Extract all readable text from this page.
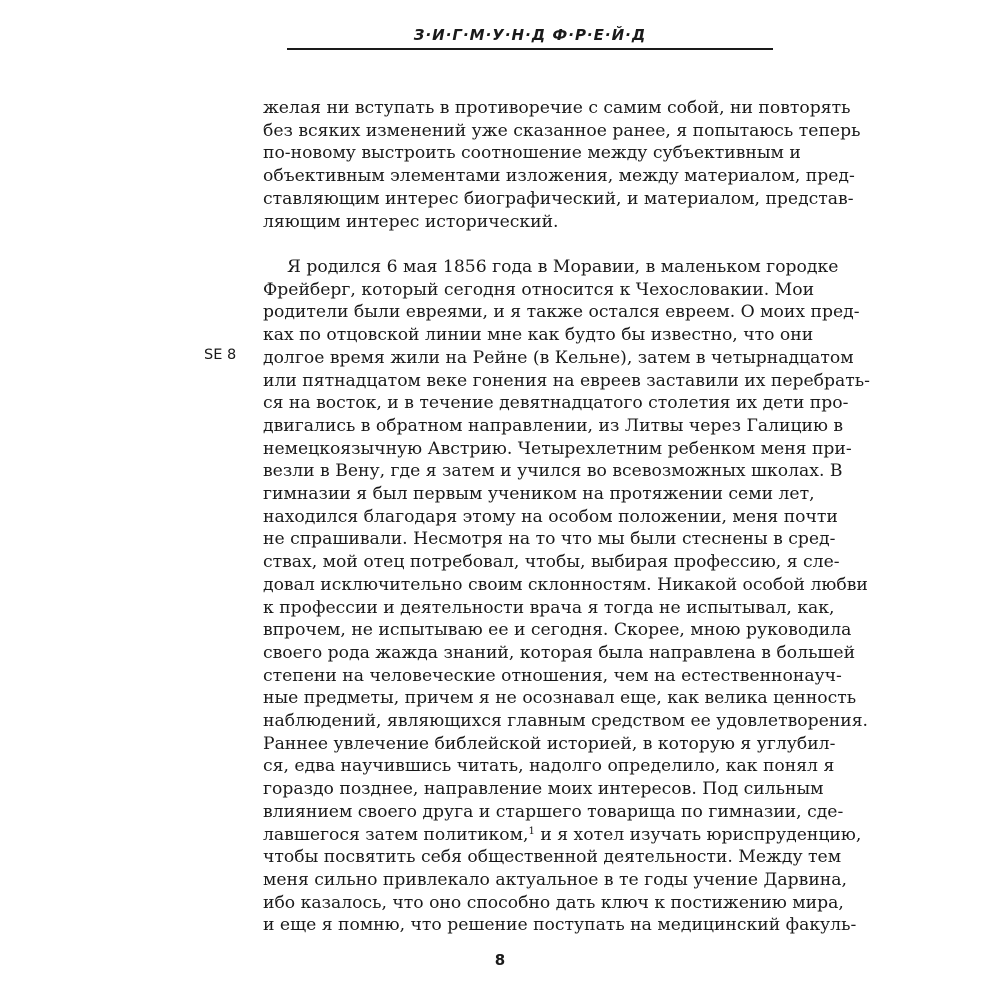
З·И·Г·М·У·Н·Д Ф·Р·Е·Й·Д
SE 8
желая ни вступать в противоречие с самим собой, ни повторять
без всяких изменений уже сказанное ранее, я попытаюсь теперь
по-новому выстроить соотношение между субъективным и
объективным элементами изложения, между материалом, пред-
ставляющим интерес биографический, и материалом, представ-
ляющим интерес исторический.
Я родился 6 мая 1856 года в Моравии, в маленьком городке
Фрейберг, который сегодня относится к Чехословакии. Мои
родители были евреями, и я также остался евреем. О моих пред-
ках по отцовской линии мне как будто бы известно, что они
долгое время жили на Рейне (в Кельне), затем в четырнадцатом
или пятнадцатом веке гонения на евреев заставили их перебрать-
ся на восток, и в течение девятнадцатого столетия их дети про-
двигались в обратном направлении, из Литвы через Галицию в
немецкоязычную Австрию. Четырехлетним ребенком меня при-
везли в Вену, где я затем и учился во всевозможных школах. В
гимназии я был первым учеником на протяжении семи лет,
находился благодаря этому на особом положении, меня почти
не спрашивали. Несмотря на то что мы были стеснены в сред-
ствах, мой отец потребовал, чтобы, выбирая профессию, я сле-
довал исключительно своим склонностям. Никакой особой любви
к профессии и деятельности врача я тогда не испытывал, как,
впрочем, не испытываю ее и сегодня. Скорее, мною руководила
своего рода жажда знаний, которая была направлена в большей
степени на человеческие отношения, чем на естественнонауч-
ные предметы, причем я не осознавал еще, как велика ценность
наблюдений, являющихся главным средством ее удовлетворения.
Раннее увлечение библейской историей, в которую я углубил-
ся, едва научившись читать, надолго определило, как понял я
гораздо позднее, направление моих интересов. Под сильным
влиянием своего друга и старшего товарища по гимназии, сде-
лавшегося затем политиком,$^1$ и я хотел изучать юриспруденцию,
чтобы посвятить себя общественной деятельности. Между тем
меня сильно привлекало актуальное в те годы учение Дарвина,
ибо казалось, что оно способно дать ключ к постижению мира,
и еще я помню, что решение поступать на медицинский факуль-
8
